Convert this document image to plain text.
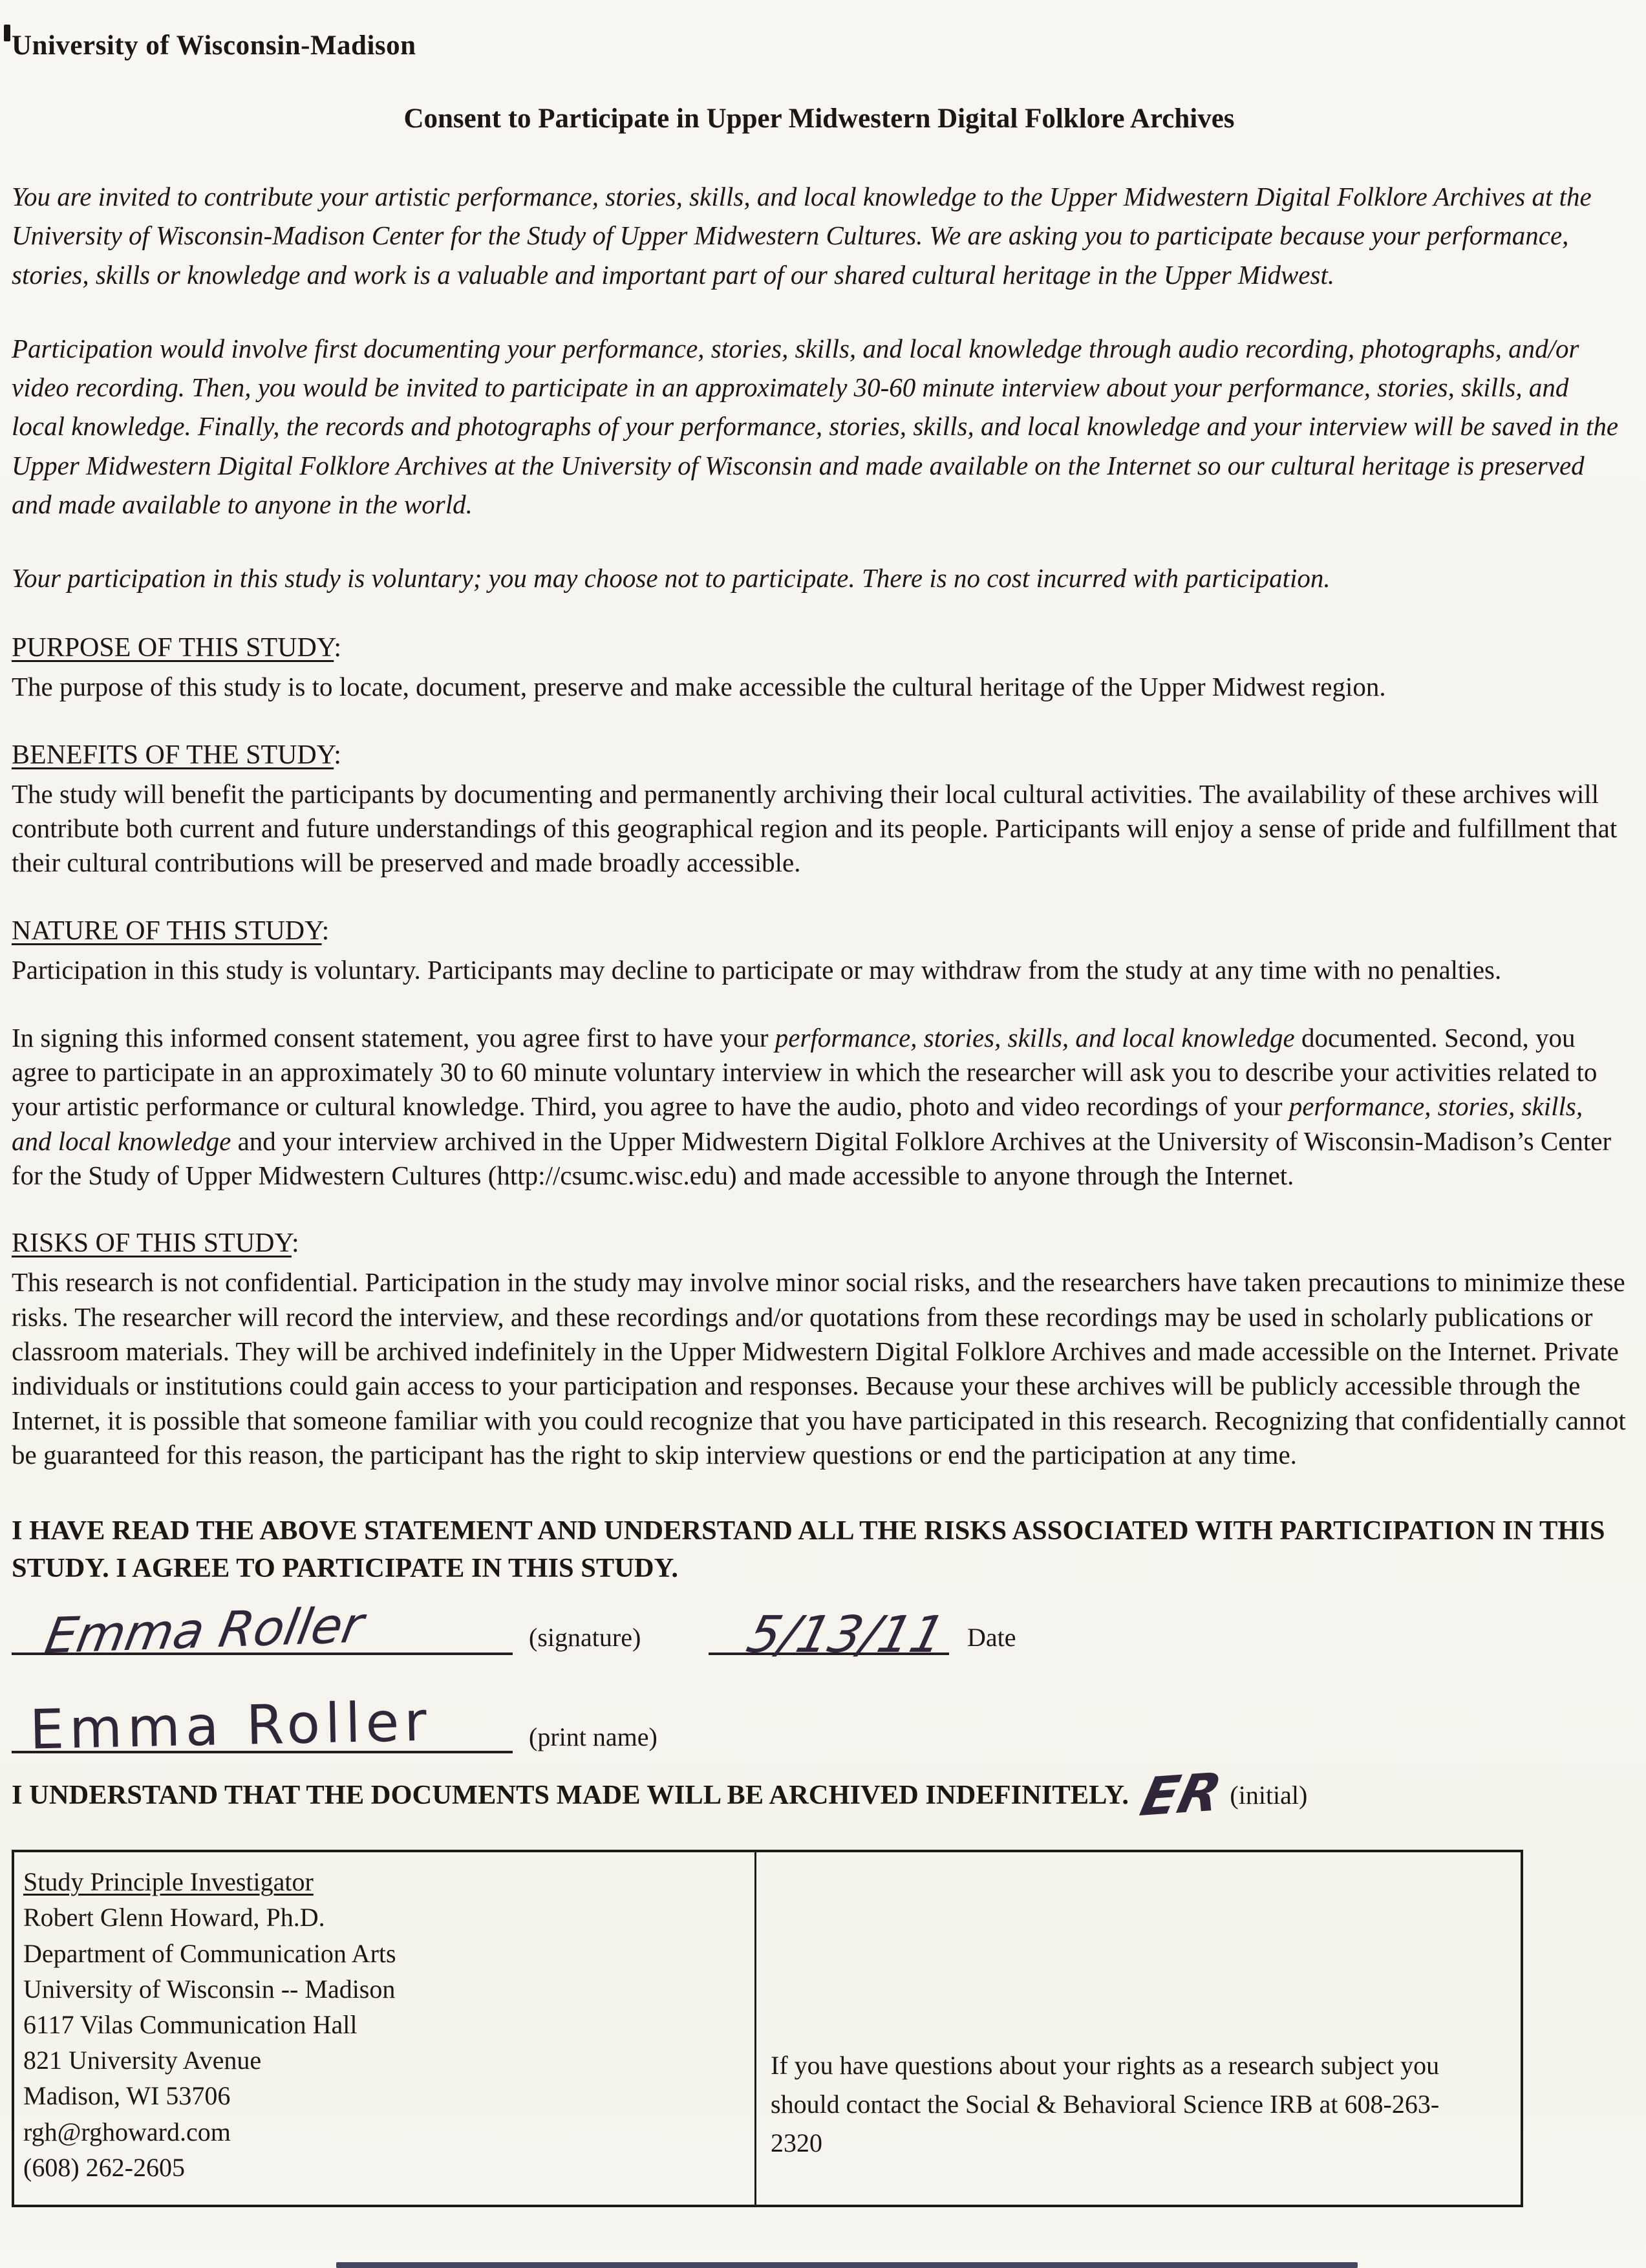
University of Wisconsin-Madison
Consent to Participate in Upper Midwestern Digital Folklore Archives

You are invited to contribute your artistic performance, stories, skills, and local knowledge to the Upper Midwestern Digital Folklore Archives at the University of Wisconsin-Madison Center for the Study of Upper Midwestern Cultures. We are asking you to participate because your performance, stories, skills or knowledge and work is a valuable and important part of our shared cultural heritage in the Upper Midwest.

Participation would involve first documenting your performance, stories, skills, and local knowledge through audio recording, photographs, and/or video recording. Then, you would be invited to participate in an approximately 30-60 minute interview about your performance, stories, skills, and local knowledge. Finally, the records and photographs of your performance, stories, skills, and local knowledge and your interview will be saved in the Upper Midwestern Digital Folklore Archives at the University of Wisconsin and made available on the Internet so our cultural heritage is preserved and made available to anyone in the world.

Your participation in this study is voluntary; you may choose not to participate. There is no cost incurred with participation.

PURPOSE OF THIS STUDY:

The purpose of this study is to locate, document, preserve and make accessible the cultural heritage of the Upper Midwest region.

BENEFITS OF THE STUDY:

The study will benefit the participants by documenting and permanently archiving their local cultural activities. The availability of these archives will contribute both current and future understandings of this geographical region and its people. Participants will enjoy a sense of pride and fulfillment that their cultural contributions will be preserved and made broadly accessible.

NATURE OF THIS STUDY:

Participation in this study is voluntary. Participants may decline to participate or may withdraw from the study at any time with no penalties.

In signing this informed consent statement, you agree first to have your performance, stories, skills, and local knowledge documented. Second, you agree to participate in an approximately 30 to 60 minute voluntary interview in which the researcher will ask you to describe your activities related to your artistic performance or cultural knowledge. Third, you agree to have the audio, photo and video recordings of your performance, stories, skills, and local knowledge and your interview archived in the Upper Midwestern Digital Folklore Archives at the University of Wisconsin-Madison’s Center for the Study of Upper Midwestern Cultures (http://csumc.wisc.edu) and made accessible to anyone through the Internet.

RISKS OF THIS STUDY:

This research is not confidential. Participation in the study may involve minor social risks, and the researchers have taken precautions to minimize these risks. The researcher will record the interview, and these recordings and/or quotations from these recordings may be used in scholarly publications or classroom materials. They will be archived indefinitely in the Upper Midwestern Digital Folklore Archives and made accessible on the Internet. Private individuals or institutions could gain access to your participation and responses. Because your these archives will be publicly accessible through the Internet, it is possible that someone familiar with you could recognize that you have participated in this research. Recognizing that confidentially cannot be guaranteed for this reason, the participant has the right to skip interview questions or end the participation at any time.

I HAVE READ THE ABOVE STATEMENT AND UNDERSTAND ALL THE RISKS ASSOCIATED WITH PARTICIPATION IN THIS STUDY. I AGREE TO PARTICIPATE IN THIS STUDY.
Emma Roller	(signature) 5/13/11 Date
Emma Roller	(print name)
I UNDERSTAND THAT THE DOCUMENTS MADE WILL BE ARCHIVED INDEFINITELY. ER (initial)
Study Principle Investigator
Robert Glenn Howard, Ph.D.
Department of Communication Arts
University of Wisconsin -- Madison
6117 Vilas Communication Hall
821 University Avenue
Madison, WI 53706
rgh@rghoward.com
(608) 262-2605

If you have questions about your rights as a research subject you should contact the Social & Behavioral Science IRB at 608-263-2320
